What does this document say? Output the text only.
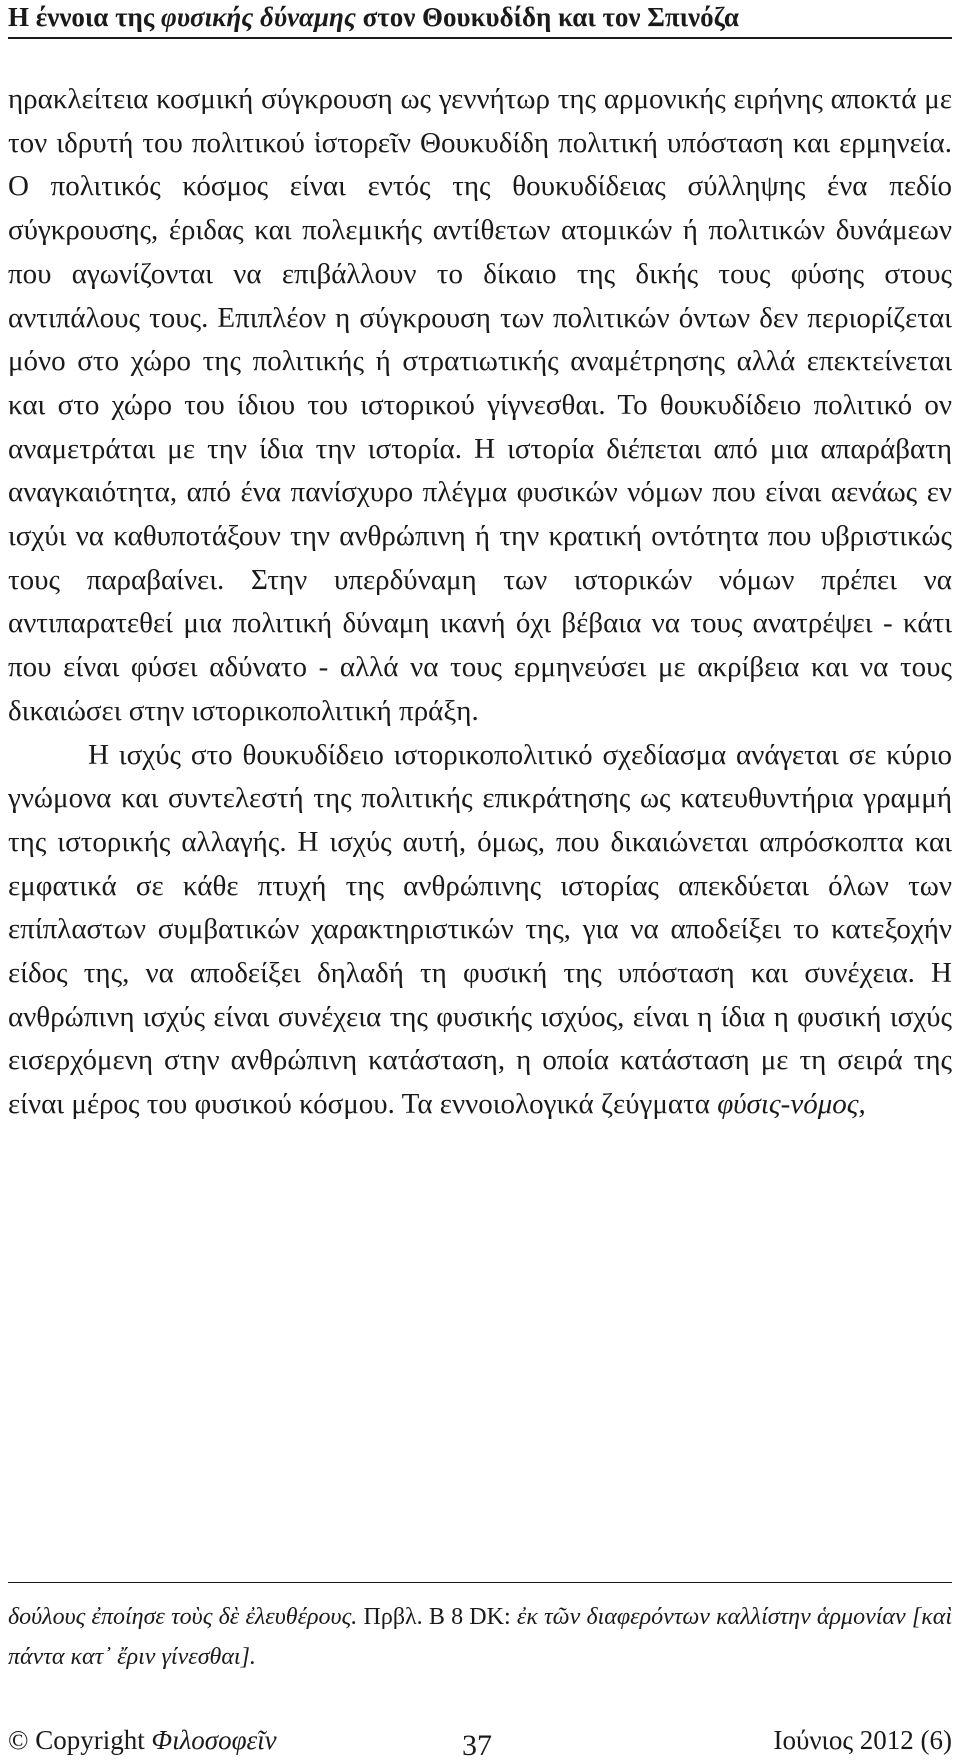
Η έννοια της φυσικής δύναμης στον Θουκυδίδη και τον Σπινόζα

ηρακλείτεια κοσμική σύγκρουση ως γεννήτωρ της αρμονικής ειρήνης αποκτά με τον ιδρυτή του πολιτικού ἱστορεῖν Θουκυδίδη πολιτική υπόσταση και ερμηνεία. Ο πολιτικός κόσμος είναι εντός της θουκυδίδειας σύλληψης ένα πεδίο σύγκρουσης, έριδας και πολεμικής αντίθετων ατομικών ή πολιτικών δυνάμεων που αγωνίζονται να επιβάλλουν το δίκαιο της δικής τους φύσης στους αντιπάλους τους. Επιπλέον η σύγκρουση των πολιτικών όντων δεν περιορίζεται μόνο στο χώρο της πολιτικής ή στρατιωτικής αναμέτρησης αλλά επεκτείνεται και στο χώρο του ίδιου του ιστορικού γίγνεσθαι. Το θουκυδίδειο πολιτικό ον αναμετράται με την ίδια την ιστορία. Η ιστορία διέπεται από μια απαράβατη αναγκαιότητα, από ένα πανίσχυρο πλέγμα φυσικών νόμων που είναι αενάως εν ισχύι να καθυποτάξουν την ανθρώπινη ή την κρατική οντότητα που υβριστικώς τους παραβαίνει. Στην υπερδύναμη των ιστορικών νόμων πρέπει να αντιπαρατεθεί μια πολιτική δύναμη ικανή όχι βέβαια να τους ανατρέψει - κάτι που είναι φύσει αδύνατο - αλλά να τους ερμηνεύσει με ακρίβεια και να τους δικαιώσει στην ιστορικοπολιτική πράξη.

Η ισχύς στο θουκυδίδειο ιστορικοπολιτικό σχεδίασμα ανάγεται σε κύριο γνώμονα και συντελεστή της πολιτικής επικράτησης ως κατευθυντήρια γραμμή της ιστορικής αλλαγής. Η ισχύς αυτή, όμως, που δικαιώνεται απρόσκοπτα και εμφατικά σε κάθε πτυχή της ανθρώπινης ιστορίας απεκδύεται όλων των επίπλαστων συμβατικών χαρακτηριστικών της, για να αποδείξει το κατεξοχήν είδος της, να αποδείξει δηλαδή τη φυσική της υπόσταση και συνέχεια. Η ανθρώπινη ισχύς είναι συνέχεια της φυσικής ισχύος, είναι η ίδια η φυσική ισχύς εισερχόμενη στην ανθρώπινη κατάσταση, η οποία κατάσταση με τη σειρά της είναι μέρος του φυσικού κόσμου. Τα εννοιολογικά ζεύγματα φύσις-νόμος,

δούλους ἐποίησε τοὺς δὲ ἐλευθέρους. Πρβλ. Β 8 DK: ἐκ τῶν διαφερόντων καλλίστην ἁρμονίαν [καὶ πάντα κατ᾽ ἔριν γίνεσθαι].
© Copyright Φιλοσοφεῖν	37	Ιούνιος 2012 (6)
